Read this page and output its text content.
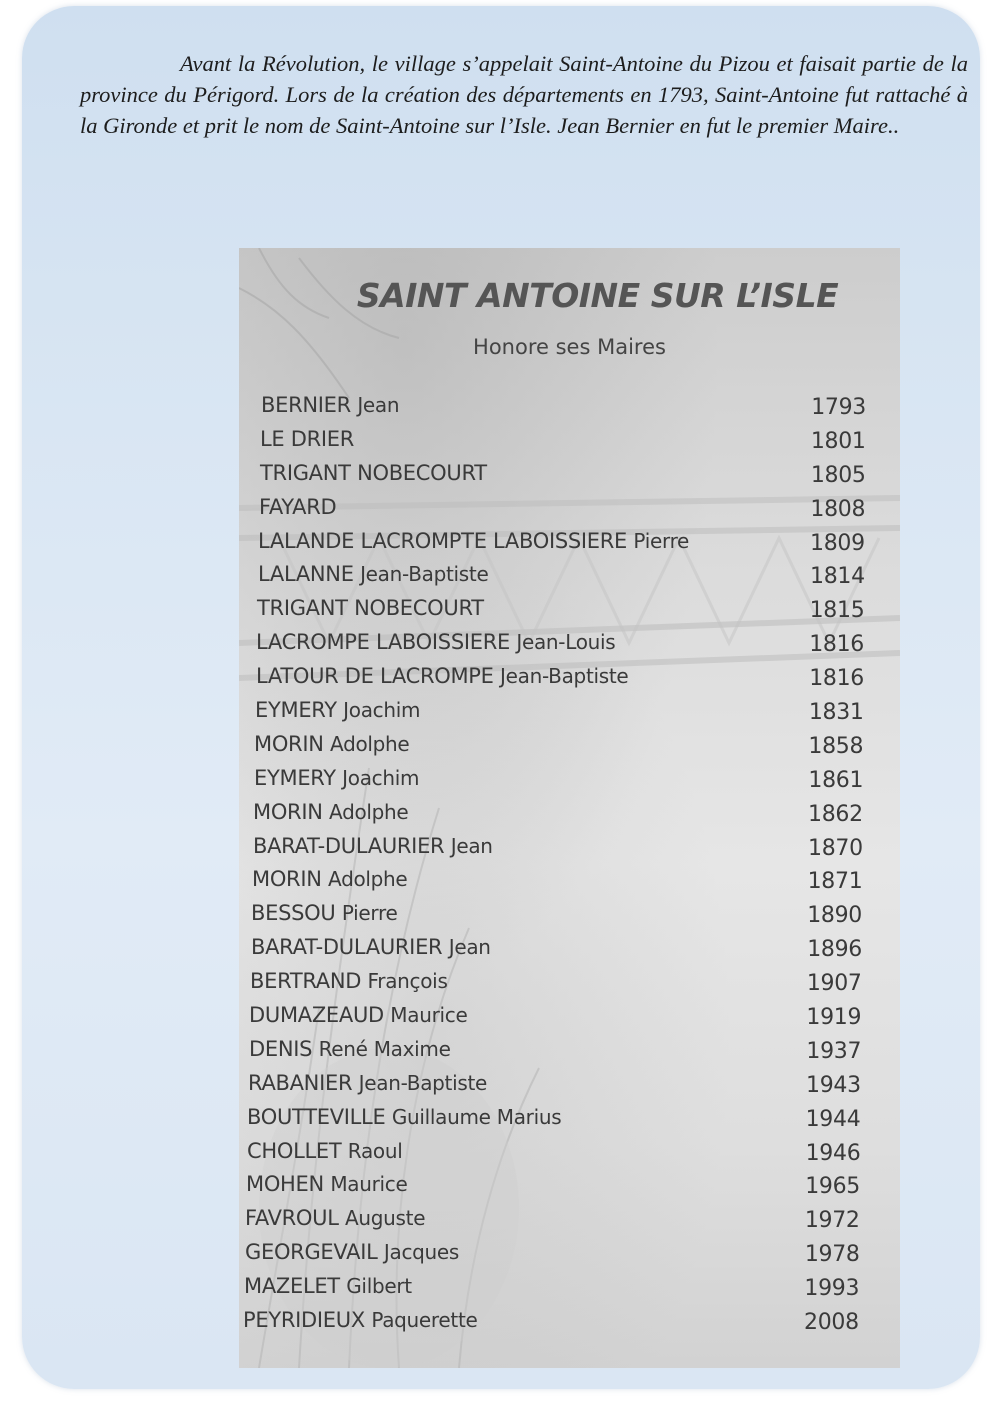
Avant la Révolution, le village s’appelait Saint-Antoine du Pizou et faisait partie de la province du Périgord. Lors de la création des départements en 1793, Saint-Antoine fut rattaché à la Gironde et prit le nom de Saint-Antoine sur l’Isle. Jean Bernier en fut le premier Maire..

SAINT ANTOINE SUR L’ISLE
Honore ses Maires
BERNIER Jean	1793
LE DRIER	1801
TRIGANT NOBECOURT	1805
FAYARD	1808
LALANDE LACROMPTE LABOISSIERE Pierre	1809
LALANNE Jean-Baptiste	1814
TRIGANT NOBECOURT	1815
LACROMPE LABOISSIERE Jean-Louis	1816
LATOUR DE LACROMPE Jean-Baptiste	1816
EYMERY Joachim	1831
MORIN Adolphe	1858
EYMERY Joachim	1861
MORIN Adolphe	1862
BARAT-DULAURIER Jean	1870
MORIN Adolphe	1871
BESSOU Pierre	1890
BARAT-DULAURIER Jean	1896
BERTRAND François	1907
DUMAZEAUD Maurice	1919
DENIS René Maxime	1937
RABANIER Jean-Baptiste	1943
BOUTTEVILLE Guillaume Marius	1944
CHOLLET Raoul	1946
MOHEN Maurice	1965
FAVROUL Auguste	1972
GEORGEVAIL Jacques	1978
MAZELET Gilbert	1993
PEYRIDIEUX Paquerette	2008
